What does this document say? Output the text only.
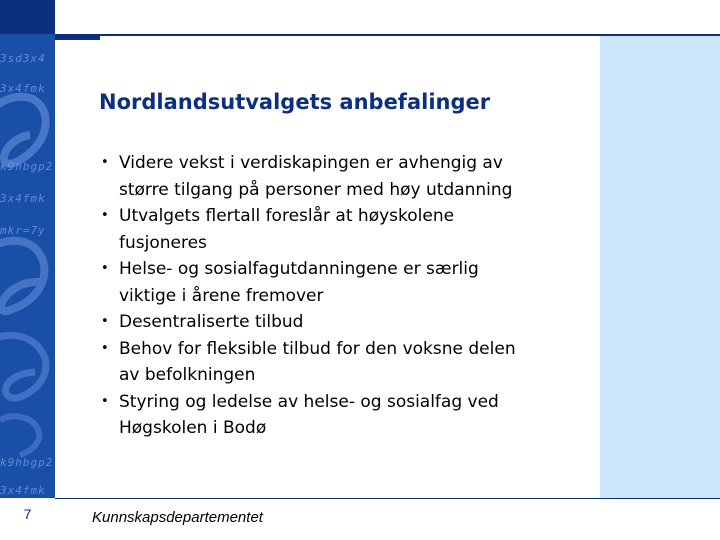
3sd3x4
3x4fmk
k9hbgp2
3x4fmk
mkr=7y
k9hbgp2
3x4fmk
Nordlandsutvalgets anbefalinger
• Videre vekst i verdiskapingen er avhengig av
større tilgang på personer med høy utdanning
• Utvalgets flertall foreslår at høyskolene
fusjoneres
• Helse- og sosialfagutdanningene er særlig
viktige i årene fremover
• Desentraliserte tilbud
• Behov for fleksible tilbud for den voksne delen
av befolkningen
• Styring og ledelse av helse- og sosialfag ved
Høgskolen i Bodø
7	Kunnskapsdepartementet
